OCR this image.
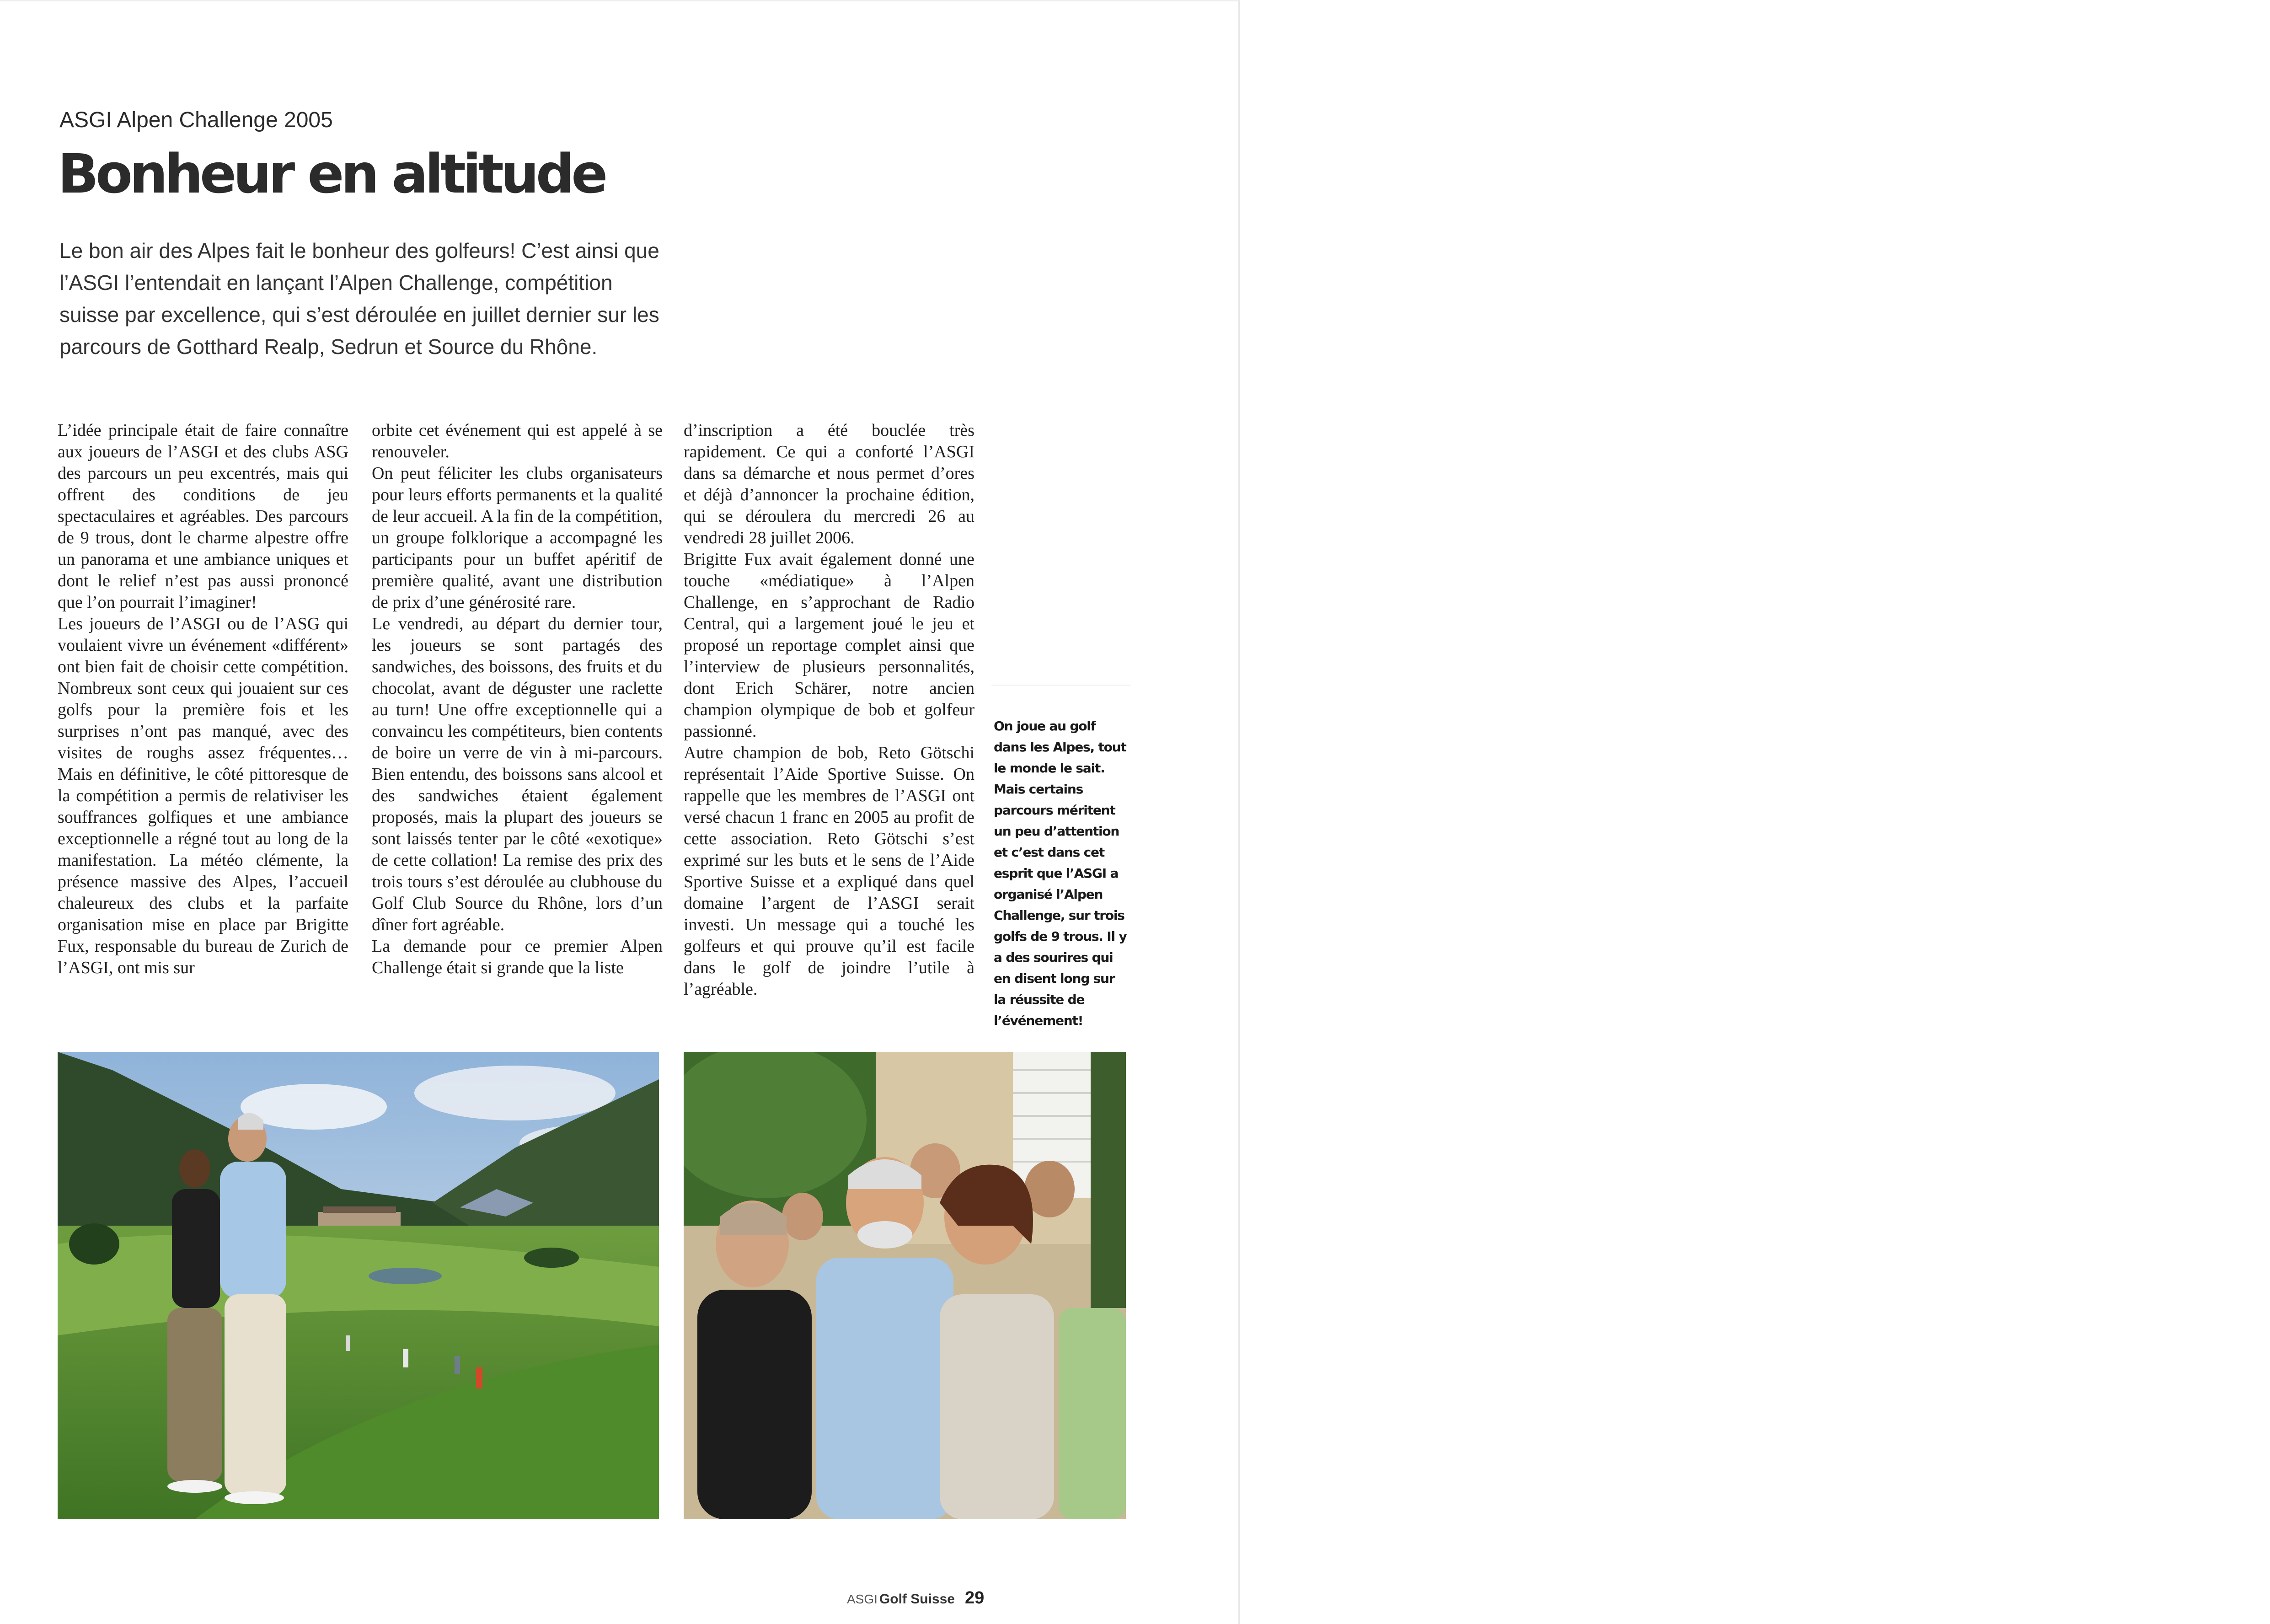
ASGI Alpen Challenge 2005
Bonheur en altitude
Le bon air des Alpes fait le bonheur des golfeurs! C’est ainsi que l’ASGI l’entendait en lançant l’Alpen Challenge, compétition suisse par excellence, qui s’est déroulée en juillet dernier sur les parcours de Gotthard Realp, Sedrun et Source du Rhône.

L’idée principale était de faire connaître aux joueurs de l’ASGI et des clubs ASG des parcours un peu excentrés, mais qui offrent des conditions de jeu spectaculaires et agréables. Des parcours de 9 trous, dont le charme alpestre offre un panorama et une ambiance uniques et dont le relief n’est pas aussi prononcé que l’on pourrait l’imaginer!

Les joueurs de l’ASGI ou de l’ASG qui voulaient vivre un événement «différent» ont bien fait de choisir cette compétition. Nombreux sont ceux qui jouaient sur ces golfs pour la première fois et les surprises n’ont pas manqué, avec des visites de roughs assez fréquentes… Mais en définitive, le côté pittoresque de la compétition a permis de relativiser les souffrances golfiques et une ambiance exceptionnelle a régné tout au long de la manifestation. La météo clémente, la présence massive des Alpes, l’accueil chaleureux des clubs et la parfaite organisation mise en place par Brigitte Fux, responsable du bureau de Zurich de l’ASGI, ont mis sur

orbite cet événement qui est appelé à se renouveler.

On peut féliciter les clubs organisateurs pour leurs efforts permanents et la qualité de leur accueil. A la fin de la compétition, un groupe folklorique a accompagné les participants pour un buffet apéritif de première qualité, avant une distribution de prix d’une générosité rare.

Le vendredi, au départ du dernier tour, les joueurs se sont partagés des sandwiches, des boissons, des fruits et du chocolat, avant de déguster une raclette au turn! Une offre exceptionnelle qui a convaincu les compétiteurs, bien contents de boire un verre de vin à mi-parcours. Bien entendu, des boissons sans alcool et des sandwiches étaient également proposés, mais la plupart des joueurs se sont laissés tenter par le côté «exotique» de cette collation! La remise des prix des trois tours s’est déroulée au clubhouse du Golf Club Source du Rhône, lors d’un dîner fort agréable.

La demande pour ce premier Alpen Challenge était si grande que la liste

d’inscription a été bouclée très rapidement. Ce qui a conforté l’ASGI dans sa démarche et nous permet d’ores et déjà d’annoncer la prochaine édition, qui se déroulera du mercredi 26 au vendredi 28 juillet 2006.

Brigitte Fux avait également donné une touche «médiatique» à l’Alpen Challenge, en s’approchant de Radio Central, qui a largement joué le jeu et proposé un reportage complet ainsi que l’interview de plusieurs personnalités, dont Erich Schärer, notre ancien champion olympique de bob et golfeur passionné.

Autre champion de bob, Reto Götschi représentait l’Aide Sportive Suisse. On rappelle que les membres de l’ASGI ont versé chacun 1 franc en 2005 au profit de cette association. Reto Götschi s’est exprimé sur les buts et le sens de l’Aide Sportive Suisse et a expliqué dans quel domaine l’argent de l’ASGI serait investi. Un message qui a touché les golfeurs et qui prouve qu’il est facile dans le golf de joindre l’utile à l’agréable.

On joue au golf dans les Alpes, tout le monde le sait. Mais certains parcours méritent un peu d’attention et c’est dans cet esprit que l’ASGI a organisé l’Alpen Challenge, sur trois golfs de 9 trous. Il y a des sourires qui en disent long sur la réussite de l’événement!
ASGI Golf Suisse 29
